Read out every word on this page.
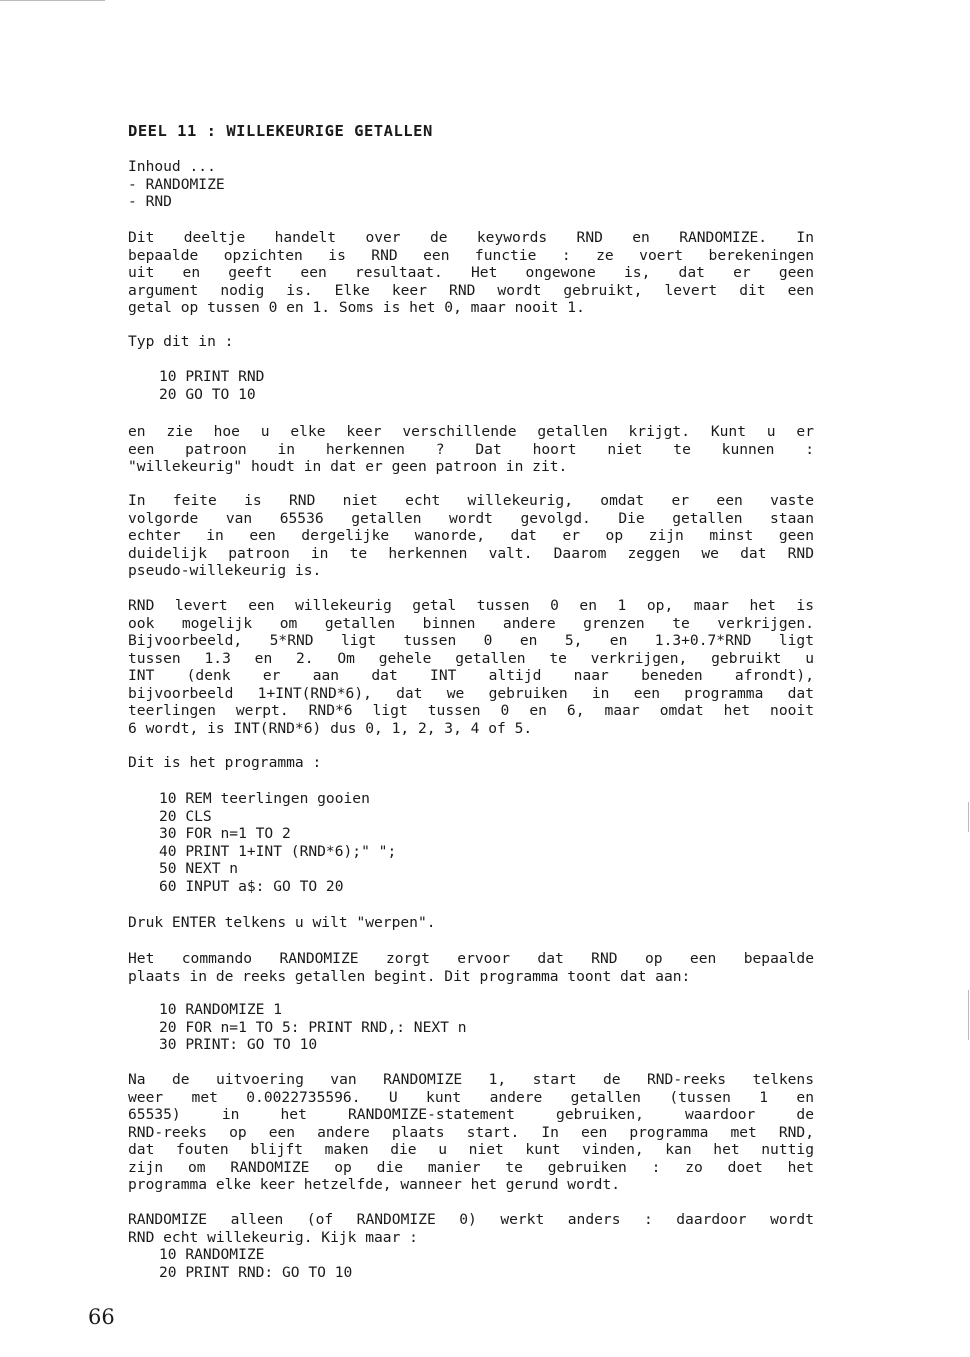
DEEL 11 : WILLEKEURIGE GETALLEN
Inhoud ...
- RANDOMIZE
- RND
Dit deeltje handelt over de keywords RND en RANDOMIZE. In
bepaalde opzichten is RND een functie : ze voert berekeningen
uit en geeft een resultaat. Het ongewone is, dat er geen
argument nodig is. Elke keer RND wordt gebruikt, levert dit een
getal op tussen 0 en 1. Soms is het 0, maar nooit 1.
Typ dit in :
10 PRINT RND
20 GO TO 10
en zie hoe u elke keer verschillende getallen krijgt. Kunt u er
een patroon in herkennen ? Dat hoort niet te kunnen :
"willekeurig" houdt in dat er geen patroon in zit.
In feite is RND niet echt willekeurig, omdat er een vaste
volgorde van 65536 getallen wordt gevolgd. Die getallen staan
echter in een dergelijke wanorde, dat er op zijn minst geen
duidelijk patroon in te herkennen valt. Daarom zeggen we dat RND
pseudo-willekeurig is.
RND levert een willekeurig getal tussen 0 en 1 op, maar het is
ook mogelijk om getallen binnen andere grenzen te verkrijgen.
Bijvoorbeeld, 5*RND ligt tussen 0 en 5, en 1.3+0.7*RND ligt
tussen 1.3 en 2. Om gehele getallen te verkrijgen, gebruikt u
INT (denk er aan dat INT altijd naar beneden afrondt),
bijvoorbeeld 1+INT(RND*6), dat we gebruiken in een programma dat
teerlingen werpt. RND*6 ligt tussen 0 en 6, maar omdat het nooit
6 wordt, is INT(RND*6) dus 0, 1, 2, 3, 4 of 5.
Dit is het programma :
10 REM teerlingen gooien
20 CLS
30 FOR n=1 TO 2
40 PRINT 1+INT (RND*6);" ";
50 NEXT n
60 INPUT a$: GO TO 20
Druk ENTER telkens u wilt "werpen".
Het commando RANDOMIZE zorgt ervoor dat RND op een bepaalde
plaats in de reeks getallen begint. Dit programma toont dat aan:
10 RANDOMIZE 1
20 FOR n=1 TO 5: PRINT RND,: NEXT n
30 PRINT: GO TO 10
Na de uitvoering van RANDOMIZE 1, start de RND-reeks telkens
weer met 0.0022735596. U kunt andere getallen (tussen 1 en
65535) in het RANDOMIZE-statement gebruiken, waardoor de
RND-reeks op een andere plaats start. In een programma met RND,
dat fouten blijft maken die u niet kunt vinden, kan het nuttig
zijn om RANDOMIZE op die manier te gebruiken : zo doet het
programma elke keer hetzelfde, wanneer het gerund wordt.
RANDOMIZE alleen (of RANDOMIZE 0) werkt anders : daardoor wordt
RND echt willekeurig. Kijk maar :
10 RANDOMIZE
20 PRINT RND: GO TO 10
66
